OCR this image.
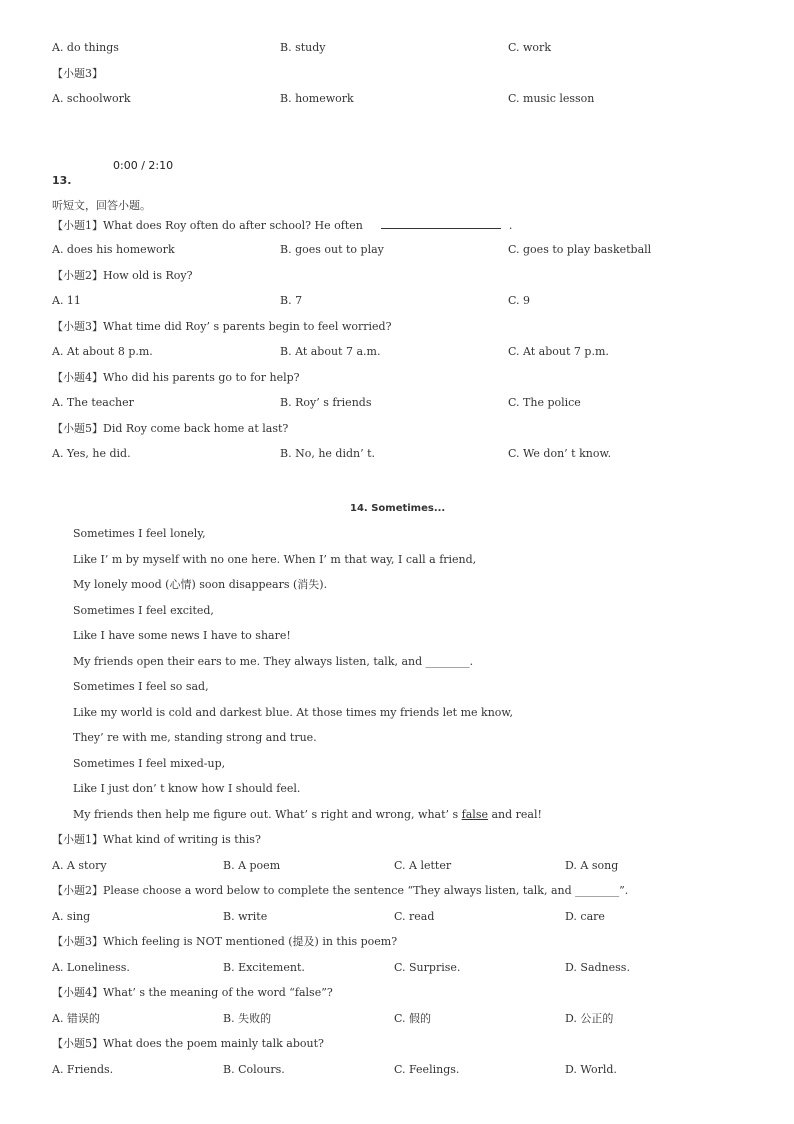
A. do things	B. study	C. work
【小题3】
A. schoolwork	B. homework	C. music lesson
0:00 / 2:10
13.
听短文，回答小题。
【小题1】What does Roy often do after school? He often	.
A. does his homework	B. goes out to play	C. goes to play basketball
【小题2】How old is Roy?
A. 11	B. 7	C. 9
【小题3】What time did Roy’ s parents begin to feel worried?
A. At about 8 p.m.	B. At about 7 a.m.	C. At about 7 p.m.
【小题4】Who did his parents go to for help?
A. The teacher	B. Roy’ s friends	C. The police
【小题5】Did Roy come back home at last?
A. Yes, he did.	B. No, he didn’ t.	C. We don’ t know.
14. Sometimes...
Sometimes I feel lonely,
Like I’ m by myself with no one here. When I’ m that way, I call a friend,
My lonely mood (心情) soon disappears (消失).
Sometimes I feel excited,
Like I have some news I have to share!
My friends open their ears to me. They always listen, talk, and ________.
Sometimes I feel so sad,
Like my world is cold and darkest blue. At those times my friends let me know,
They’ re with me, standing strong and true.
Sometimes I feel mixed-up,
Like I just don’ t know how I should feel.
My friends then help me figure out. What’ s right and wrong, what’ s false and real!
【小题1】What kind of writing is this?
A. A story	B. A poem	C. A letter	D. A song
【小题2】Please choose a word below to complete the sentence “They always listen, talk, and ________”.
A. sing	B. write	C. read	D. care
【小题3】Which feeling is NOT mentioned (提及) in this poem?
A. Loneliness.	B. Excitement.	C. Surprise.	D. Sadness.
【小题4】What’ s the meaning of the word “false”?
A. 错误的	B. 失败的	C. 假的	D. 公正的
【小题5】What does the poem mainly talk about?
A. Friends.	B. Colours.	C. Feelings.	D. World.
